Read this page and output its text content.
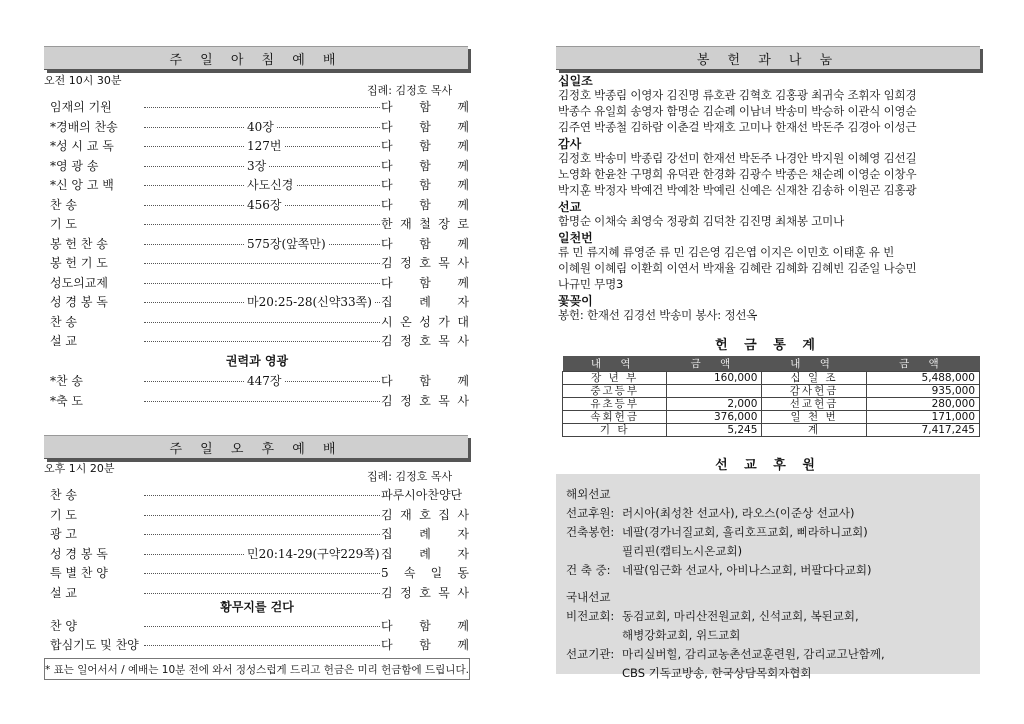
주 일 아 침 예 배
오전 10시 30분
집례: 김정호 목사
임재의 기원	다 함 께
*경배의 찬송	40장	다 함 께
*성 시 교 독	127번	다 함 께
*영 광 송	3장	다 함 께
*신 앙 고 백	사도신경	다 함 께
찬 송	456장	다 함 께
기 도	한 재 철 장 로
봉 헌 찬 송	575장(앞쪽만)	다 함 께
봉 헌 기 도	김 정 호 목 사
성도의교제	다 함 께
성 경 봉 독	마20:25-28(신약33쪽) 집 례 자
찬 송	시 온 성 가 대
설 교	김 정 호 목 사
권력과 영광
*찬 송	447장	다 함 께
*축 도	김 정 호 목 사
주 일 오 후 예 배
오후 1시 20분
집례: 김정호 목사
찬 송	파루시아찬양단
기 도	김 재 호 집 사
광 고	집 례 자
성 경 봉 독	민20:14-29(구약229쪽) 집 례 자
특 별 찬 양	5 속 일 동
설 교	김 정 호 목 사
황무지를 걷다
찬 양	다 함 께
합심기도 및 찬양	다 함 께
* 표는 일어서서 / 예배는 10분 전에 와서 정성스럽게 드리고 헌금은 미리 헌금함에 드립니다.
봉 헌 과 나 눔
십일조
김정호 박종림 이영자 김진명 류호관 김혁호 김홍광 최귀숙 조휘자 임희경
박종수 유일희 송영자 함명순 김순례 이남녀 박송미 박승하 이관식 이영순
김주연 박종철 김하람 이춘걸 박재호 고미나 한재선 박돈주 김경아 이성근
감사
김정호 박송미 박종림 강선미 한재선 박돈주 나경안 박지원 이혜영 김선길
노영화 한윤찬 구명희 유덕관 한경화 김광수 박종은 채순례 이영순 이창우
박지훈 박정자 박예건 박예찬 박예린 신예은 신재찬 김송하 이원곤 김홍광
선교
함명순 이채숙 최영숙 정광희 김덕찬 김진명 최채봉 고미나
일천번
류 민 류지혜 류영준 류 민 김은영 김은엽 이지은 이민호 이태훈 유 빈
이혜원 이혜림 이환희 이연서 박재율 김혜란 김혜화 김혜빈 김준일 나승민
나규민 무명3
꽃꽂이
봉헌: 한재선 김경선 박송미 봉사: 정선옥
헌 금 통 계
내 역	금 액	내 역	금 액
장 년 부	160,000	십 일 조	5,488,000
중고등부		감사헌금	935,000
유초등부	2,000	선교헌금	280,000
속회헌금	376,000	일 천 번	171,000
기 타	5,245	계	7,417,245
선 교 후 원
해외선교
선교후원: 러시아(최성찬 선교사), 라오스(이준상 선교사)
건축봉헌: 네팔(경가너질교회, 흘리호프교회, 삐라하니교회)
필리핀(캡티노시온교회)
건 축 중: 네팔(임근화 선교사, 아비나스교회, 버팔다다교회)
국내선교
비전교회: 동검교회, 마리산전원교회, 신석교회, 복된교회,
해병강화교회, 위드교회
선교기관: 마리실버힐, 감리교농촌선교훈련원, 감리교고난함께,
CBS 기독교방송, 한국상담목회자협회
